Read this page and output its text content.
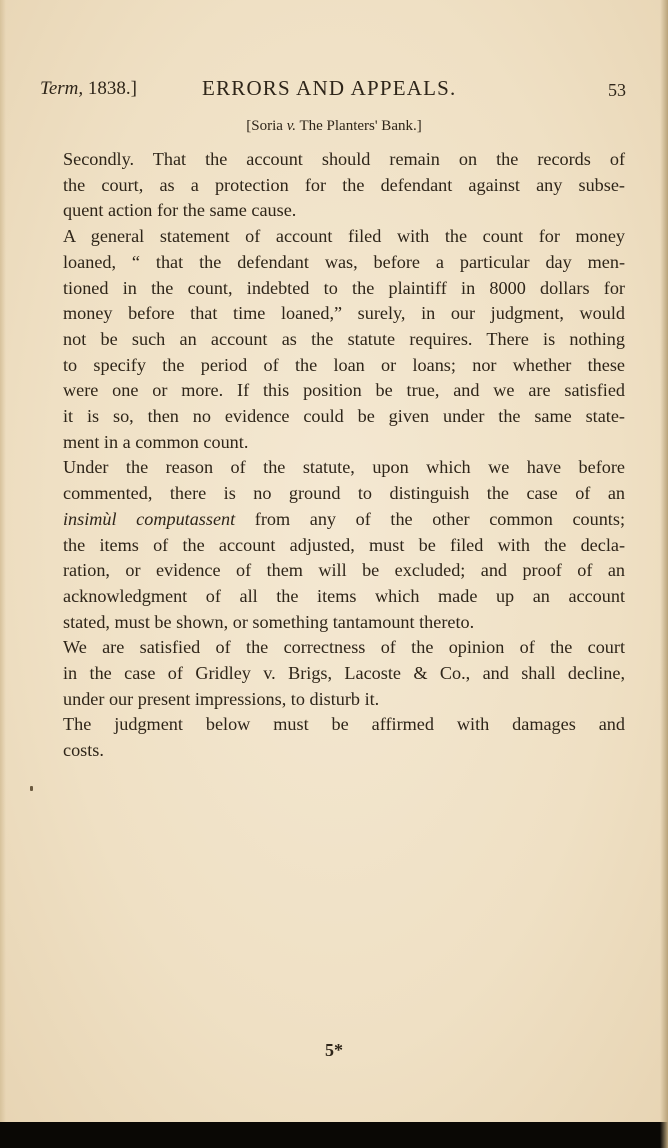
Term, 1838.]	ERRORS AND APPEALS.	53
[Soria v. The Planters' Bank.]

Secondly. That the account should remain on the records of
the court, as a protection for the defendant against any subse-
quent action for the same cause.

A general statement of account filed with the count for money
loaned, “ that the defendant was, before a particular day men-
tioned in the count, indebted to the plaintiff in 8000 dollars for
money before that time loaned,” surely, in our judgment, would
not be such an account as the statute requires. There is nothing
to specify the period of the loan or loans; nor whether these
were one or more. If this position be true, and we are satisfied
it is so, then no evidence could be given under the same state-
ment in a common count.

Under the reason of the statute, upon which we have before
commented, there is no ground to distinguish the case of an
insimùl computassent from any of the other common counts;
the items of the account adjusted, must be filed with the decla-
ration, or evidence of them will be excluded; and proof of an
acknowledgment of all the items which made up an account
stated, must be shown, or something tantamount thereto.

We are satisfied of the correctness of the opinion of the court
in the case of Gridley v. Brigs, Lacoste & Co., and shall decline,
under our present impressions, to disturb it.

The judgment below must be affirmed with damages and
costs.

5*
